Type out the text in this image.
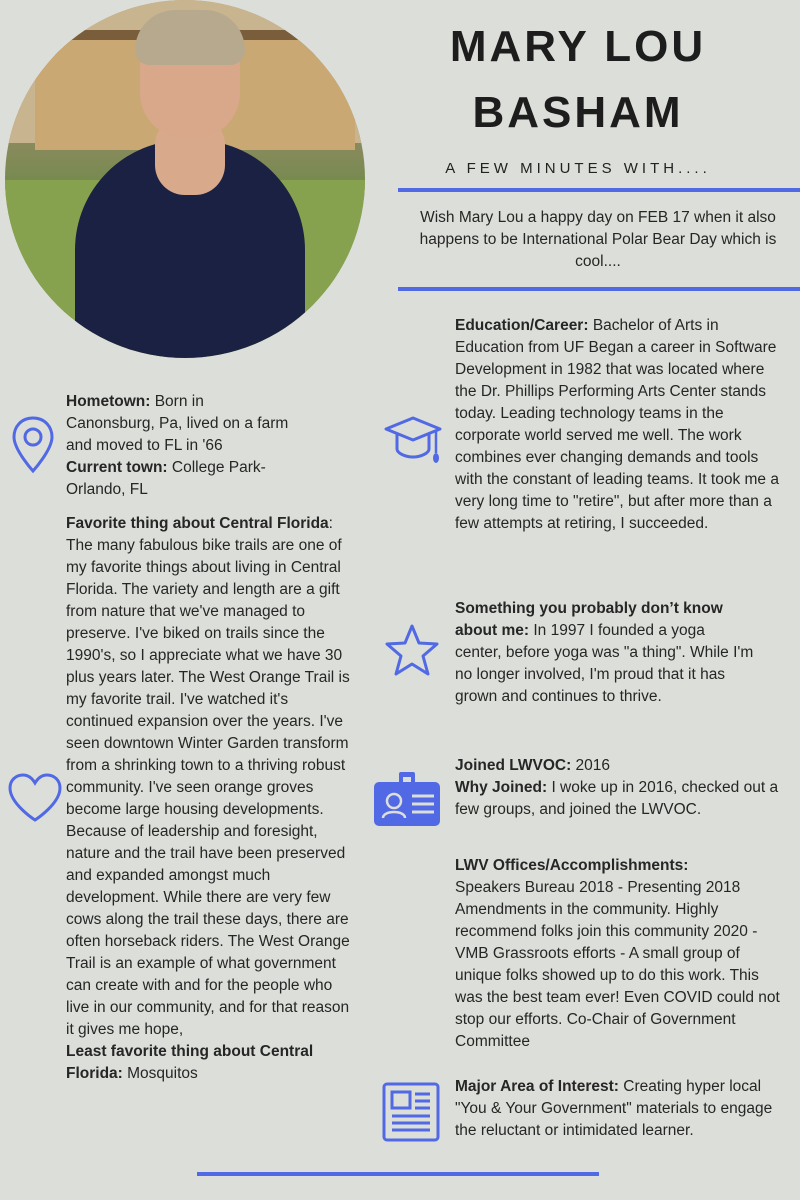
MARY LOU
BASHAM
A FEW MINUTES WITH....
Wish Mary Lou a happy day on FEB 17 when it also happens to be International Polar Bear Day which is cool....
Hometown: Born in Canonsburg, Pa, lived on a farm and moved to FL in '66
Current town: College Park-Orlando, FL
Favorite thing about Central Florida: The many fabulous bike trails are one of my favorite things about living in Central Florida. The variety and length are a gift from nature that we've managed to preserve. I've biked on trails since the 1990's, so I appreciate what we have 30 plus years later. The West Orange Trail is my favorite trail. I've watched it's continued expansion over the years. I've seen downtown Winter Garden transform from a shrinking town to a thriving robust community. I've seen orange groves become large housing developments. Because of leadership and foresight, nature and the trail have been preserved and expanded amongst much development. While there are very few cows along the trail these days, there are often horseback riders. The West Orange Trail is an example of what government can create with and for the people who live in our community, and for that reason it gives me hope,
Least favorite thing about Central Florida: Mosquitos
Education/Career: Bachelor of Arts in Education from UF Began a career in Software Development in 1982 that was located where the Dr. Phillips Performing Arts Center stands today. Leading technology teams in the corporate world served me well. The work combines ever changing demands and tools with the constant of leading teams. It took me a very long time to "retire", but after more than a few attempts at retiring, I succeeded.
Something you probably don’t know about me: In 1997 I founded a yoga center, before yoga was "a thing". While I'm no longer involved, I'm proud that it has grown and continues to thrive.
Joined LWVOC: 2016
Why Joined: I woke up in 2016, checked out a few groups, and joined the LWVOC.
LWV Offices/Accomplishments:
Speakers Bureau 2018 - Presenting 2018 Amendments in the community. Highly recommend folks join this community 2020 - VMB Grassroots efforts - A small group of unique folks showed up to do this work. This was the best team ever! Even COVID could not stop our efforts. Co-Chair of Government Committee
Major Area of Interest: Creating hyper local "You & Your Government" materials to engage the reluctant or intimidated learner.
